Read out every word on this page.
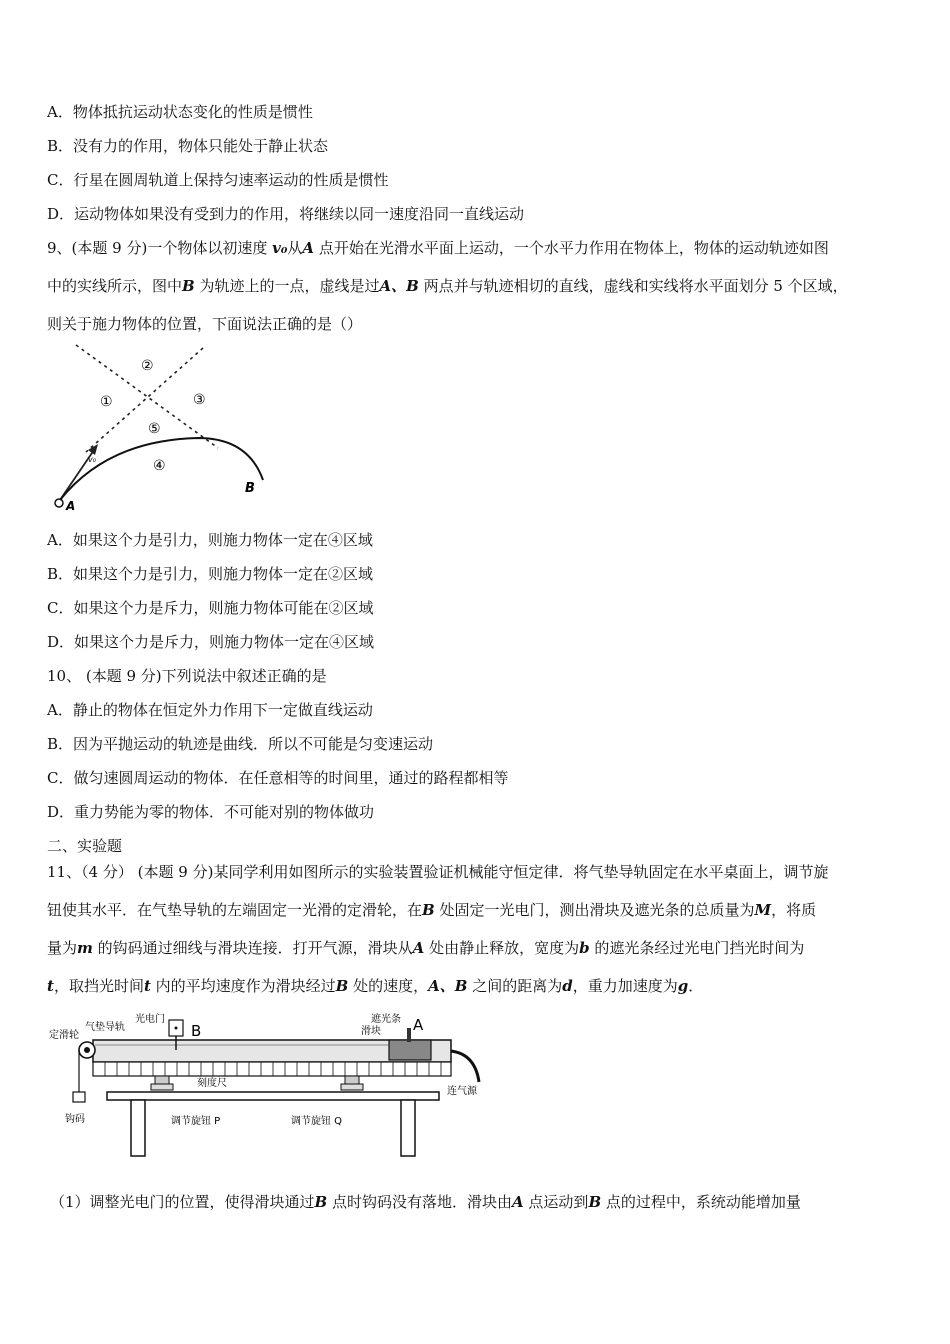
A．物体抵抗运动状态变化的性质是惯性
B．没有力的作用，物体只能处于静止状态
C．行星在圆周轨道上保持匀速率运动的性质是惯性
D．运动物体如果没有受到力的作用，将继续以同一速度沿同一直线运动
9、(本题 9 分)一个物体以初速度 v₀从A 点开始在光滑水平面上运动，一个水平力作用在物体上，物体的运动轨迹如图
中的实线所示，图中B 为轨迹上的一点，虚线是过A、B 两点并与轨迹相切的直线，虚线和实线将水平面划分 5 个区域，
则关于施力物体的位置，下面说法正确的是（）
A
B
v₀
①
②
③
④
⑤
A．如果这个力是引力，则施力物体一定在④区域
B．如果这个力是引力，则施力物体一定在②区域
C．如果这个力是斥力，则施力物体可能在②区域
D．如果这个力是斥力，则施力物体一定在④区域
10、 (本题 9 分)下列说法中叙述正确的是
A．静止的物体在恒定外力作用下一定做直线运动
B．因为平抛运动的轨迹是曲线．所以不可能是匀变速运动
C．做匀速圆周运动的物体．在任意相等的时间里，通过的路程都相等
D．重力势能为零的物体．不可能对别的物体做功
二、实验题
11、（4 分） (本题 9 分)某同学利用如图所示的实验装置验证机械能守恒定律．将气垫导轨固定在水平桌面上，调节旋
钮使其水平．在气垫导轨的左端固定一光滑的定滑轮，在B 处固定一光电门，测出滑块及遮光条的总质量为M，将质
量为m 的钩码通过细线与滑块连接．打开气源，滑块从A 处由静止释放，宽度为b 的遮光条经过光电门挡光时间为
t，取挡光时间t 内的平均速度作为滑块经过B 处的速度，A、B 之间的距离为d，重力加速度为g．
定滑轮
气垫导轨
光电门
B
遮光条
滑块 A
刻度尺
连气源
钩码	调节旋钮 P	调节旋钮 Q
（1）调整光电门的位置，使得滑块通过B 点时钩码没有落地．滑块由A 点运动到B 点的过程中，系统动能增加量
